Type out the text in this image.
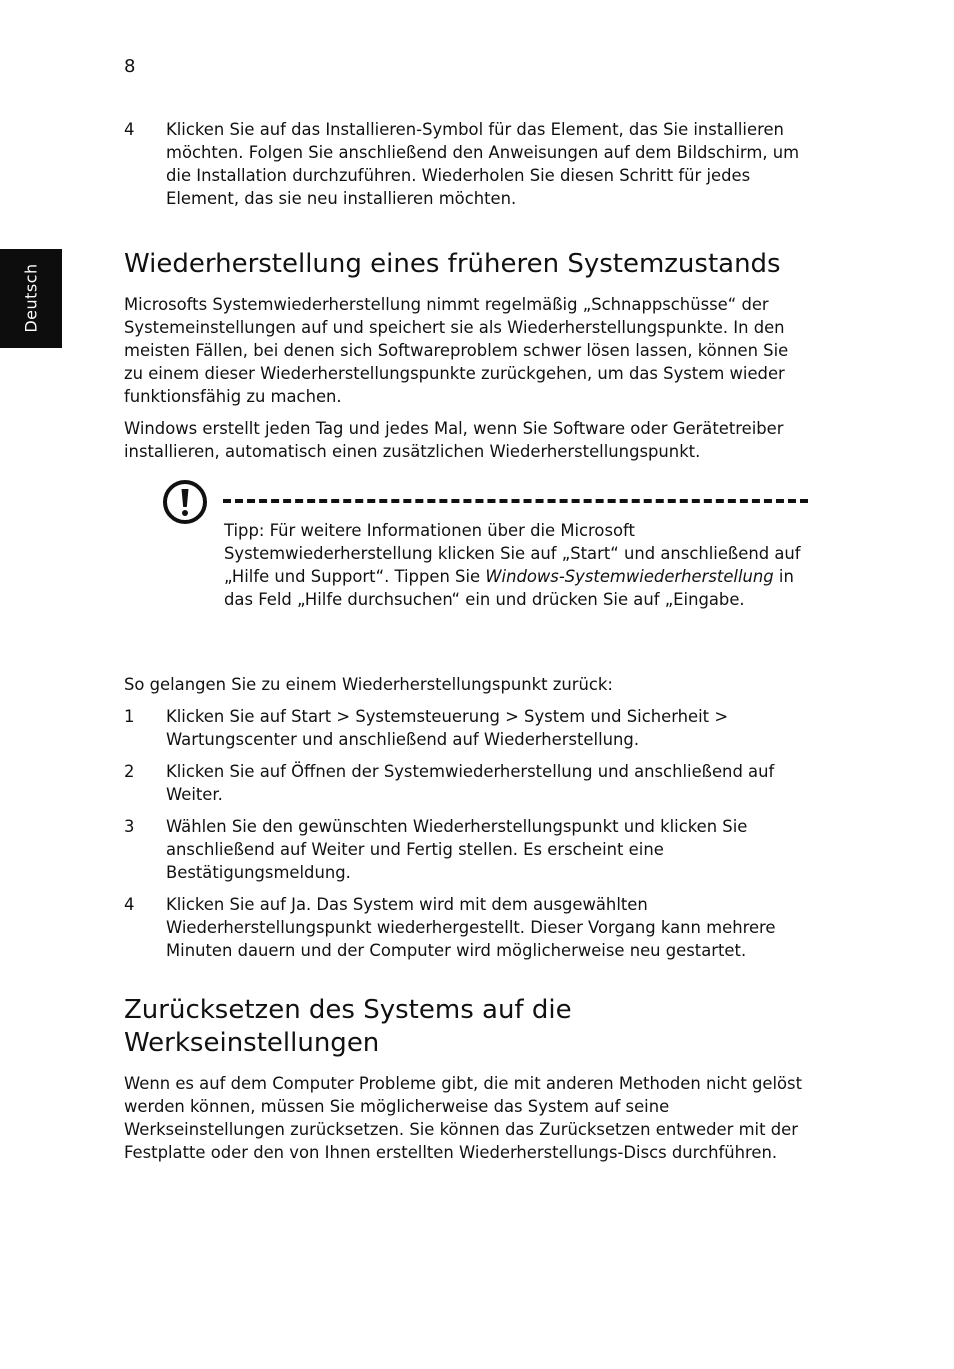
8
Deutsch
4	Klicken Sie auf das Installieren-Symbol für das Element, das Sie installieren möchten. Folgen Sie anschließend den Anweisungen auf dem Bildschirm, um die Installation durchzuführen. Wiederholen Sie diesen Schritt für jedes Element, das sie neu installieren möchten.
Wiederherstellung eines früheren Systemzustands

Microsofts Systemwiederherstellung nimmt regelmäßig „Schnappschüsse“ der Systemeinstellungen auf und speichert sie als Wiederherstellungspunkte. In den meisten Fällen, bei denen sich Softwareproblem schwer lösen lassen, können Sie zu einem dieser Wiederherstellungspunkte zurückgehen, um das System wieder funktionsfähig zu machen.

Windows erstellt jeden Tag und jedes Mal, wenn Sie Software oder Gerätetreiber installieren, automatisch einen zusätzlichen Wiederherstellungspunkt.

Tipp: Für weitere Informationen über die Microsoft Systemwiederherstellung klicken Sie auf „Start“ und anschließend auf „Hilfe und Support“. Tippen Sie Windows-Systemwiederherstellung in das Feld „Hilfe durchsuchen“ ein und drücken Sie auf „Eingabe.

So gelangen Sie zu einem Wiederherstellungspunkt zurück:

1	Klicken Sie auf Start > Systemsteuerung > System und Sicherheit > Wartungscenter und anschließend auf Wiederherstellung.
2	Klicken Sie auf Öffnen der Systemwiederherstellung und anschließend auf Weiter.
3	Wählen Sie den gewünschten Wiederherstellungspunkt und klicken Sie anschließend auf Weiter und Fertig stellen. Es erscheint eine Bestätigungsmeldung.
4	Klicken Sie auf Ja. Das System wird mit dem ausgewählten Wiederherstellungspunkt wiederhergestellt. Dieser Vorgang kann mehrere Minuten dauern und der Computer wird möglicherweise neu gestartet.
Zurücksetzen des Systems auf die
Werkseinstellungen

Wenn es auf dem Computer Probleme gibt, die mit anderen Methoden nicht gelöst werden können, müssen Sie möglicherweise das System auf seine Werkseinstellungen zurücksetzen. Sie können das Zurücksetzen entweder mit der Festplatte oder den von Ihnen erstellten Wiederherstellungs-Discs durchführen.
